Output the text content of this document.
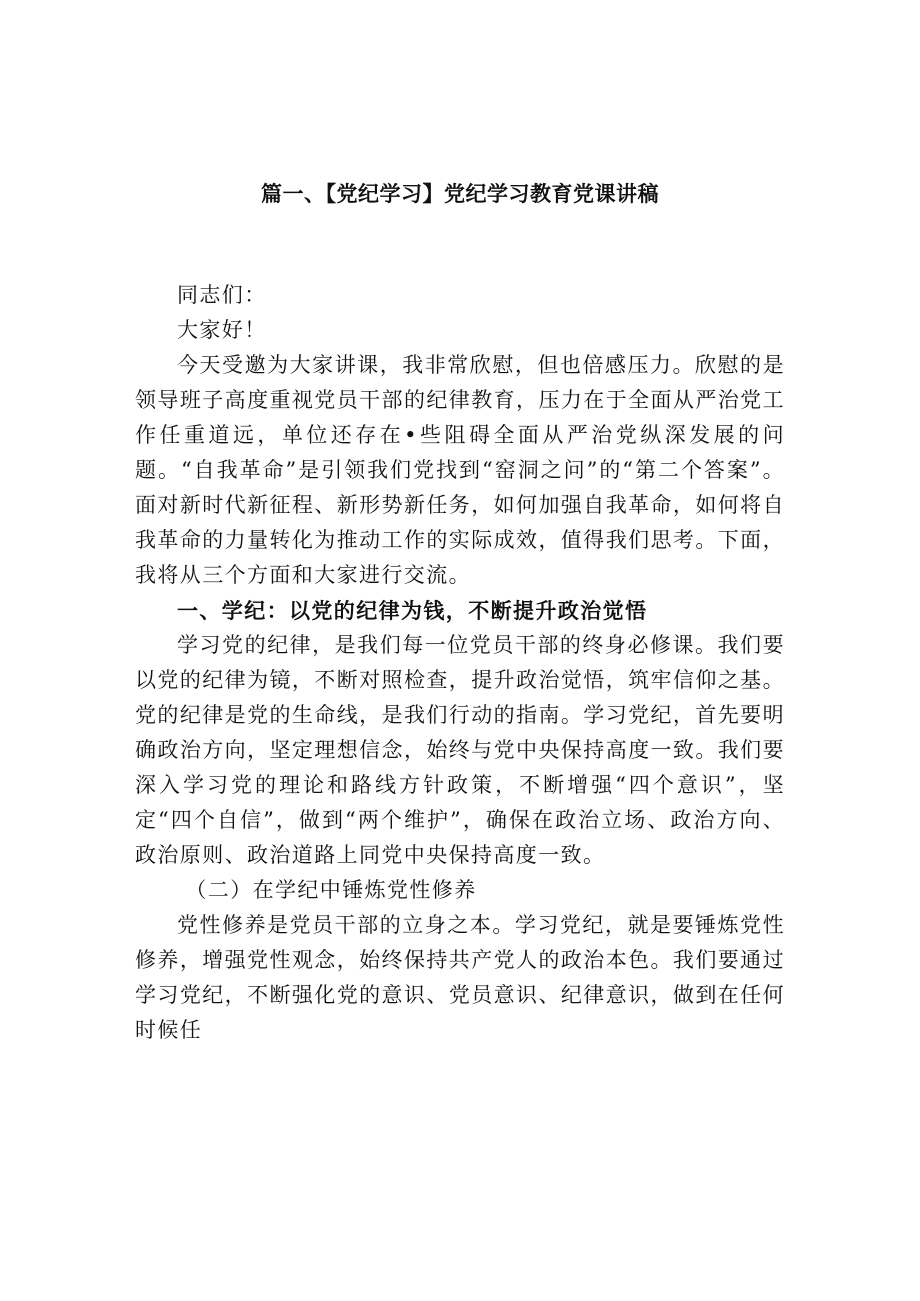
篇一、【党纪学习】党纪学习教育党课讲稿

同志们：

大家好！

今天受邀为大家讲课，我非常欣慰，但也倍感压力。欣慰的是领导班子高度重视党员干部的纪律教育，压力在于全面从严治党工作任重道远，单位还存在•些阻碍全面从严治党纵深发展的问题。“自我革命”是引领我们党找到“窑洞之问”的“第二个答案”。面对新时代新征程、新形势新任务，如何加强自我革命，如何将自我革命的力量转化为推动工作的实际成效，值得我们思考。下面，我将从三个方面和大家进行交流。

一、学纪：以党的纪律为钱，不断提升政治觉悟

学习党的纪律，是我们每一位党员干部的终身必修课。我们要以党的纪律为镜，不断对照检查，提升政治觉悟，筑牢信仰之基。党的纪律是党的生命线，是我们行动的指南。学习党纪，首先要明确政治方向，坚定理想信念，始终与党中央保持高度一致。我们要深入学习党的理论和路线方针政策，不断增强“四个意识”，坚定“四个自信”，做到“两个维护”，确保在政治立场、政治方向、政治原则、政治道路上同党中央保持高度一致。

（二）在学纪中锤炼党性修养

党性修养是党员干部的立身之本。学习党纪，就是要锤炼党性修养，增强党性观念，始终保持共产党人的政治本色。我们要通过学习党纪，不断强化党的意识、党员意识、纪律意识，做到在任何时候任
